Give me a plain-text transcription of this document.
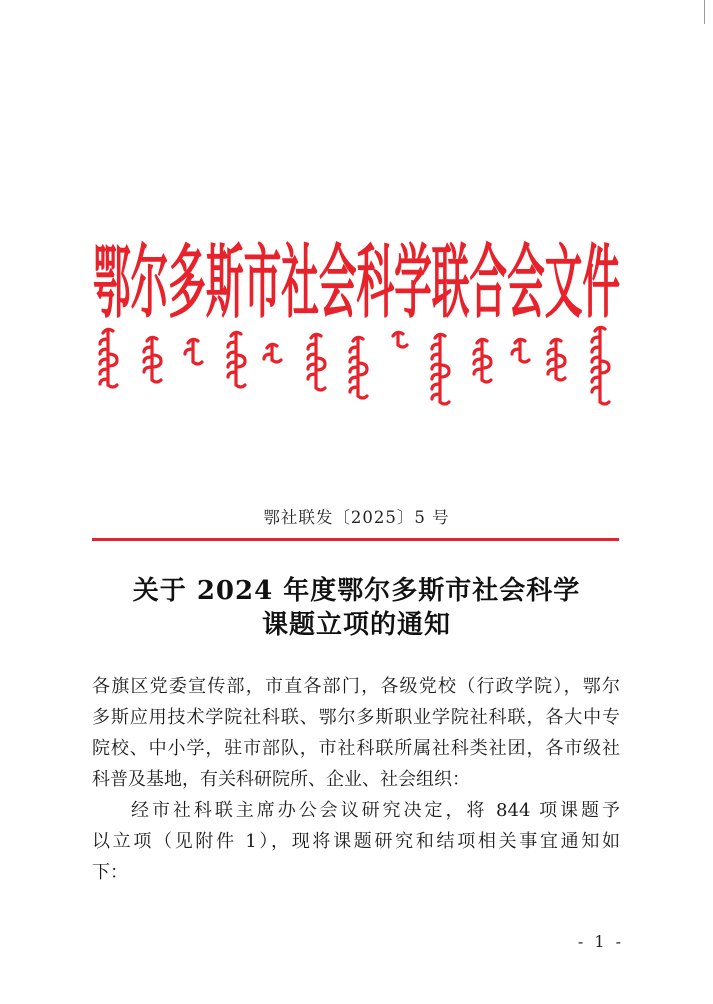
鄂尔多斯市社会科学联合会文件
鄂社联发〔2025〕5 号
关于 2024 年度鄂尔多斯市社会科学
课题立项的通知
各旗区党委宣传部，市直各部门，各级党校（行政学院），鄂尔
多斯应用技术学院社科联、鄂尔多斯职业学院社科联，各大中专
院校、中小学，驻市部队，市社科联所属社科类社团，各市级社
科普及基地，有关科研院所、企业、社会组织：
经市社科联主席办公会议研究决定，将 844 项课题予
以立项（见附件 1），现将课题研究和结项相关事宜通知如
下：
- 1 -
